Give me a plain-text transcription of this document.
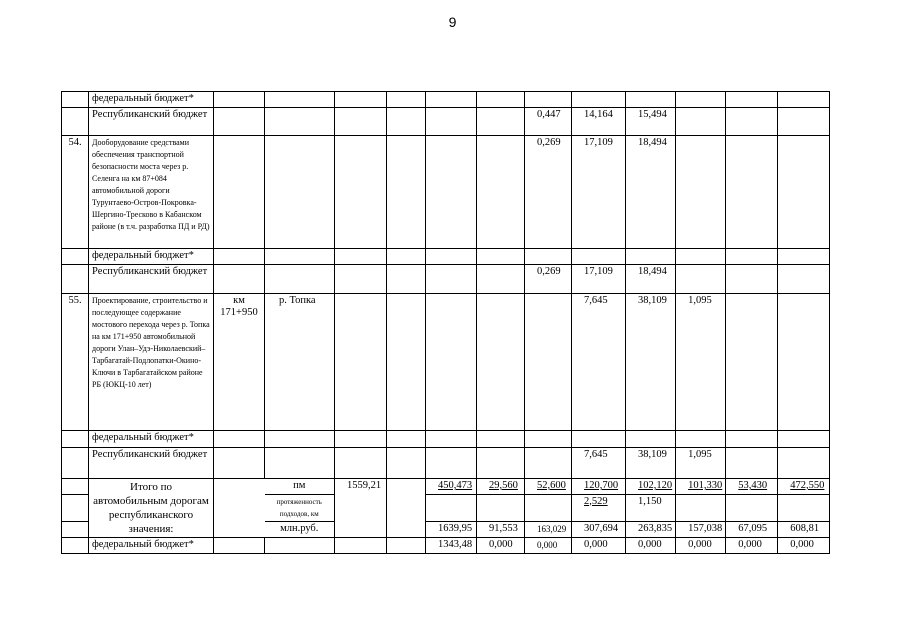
9
	федеральный бюджет*												
	Республиканский бюджет							0,447	14,164	15,494			
54.	Дооборудование средствами обеспечения транспортной безопасности моста через р. Селенга на км 87+084 автомобильной дороги Турунтаево-Остров-Покровка-Шергино-Тресково в Кабанском районе (в т.ч. разработка ПД и РД)							0,269	17,109	18,494			
	федеральный бюджет*												
	Республиканский бюджет							0,269	17,109	18,494			
55.	Проектирование, строительство и последующее содержание мостового перехода через р. Топка на км 171+950 автомобильной дороги Улан–Удэ-Николаевский–Тарбагатай-Подлопатки-Окино-Ключи в Тарбагатайском районе РБ (ЮКЦ-10 лет)	км 171+950	р. Топка						7,645	38,109	1,095		
	федеральный бюджет*												
	Республиканский бюджет								7,645	38,109	1,095		
	Итого по автомобильным дорогам республиканского значения:		пм	1559,21		450,473	29,560	52,600	120,700	102,120	101,330	53,430	472,550
			протяженность подходов, км						2,529	1,150			
			млн.руб.			1639,95	91,553	163,029	307,694	263,835	157,038	67,095	608,81
	федеральный бюджет*					1343,48	0,000	0,000	0,000	0,000	0,000	0,000	0,000
